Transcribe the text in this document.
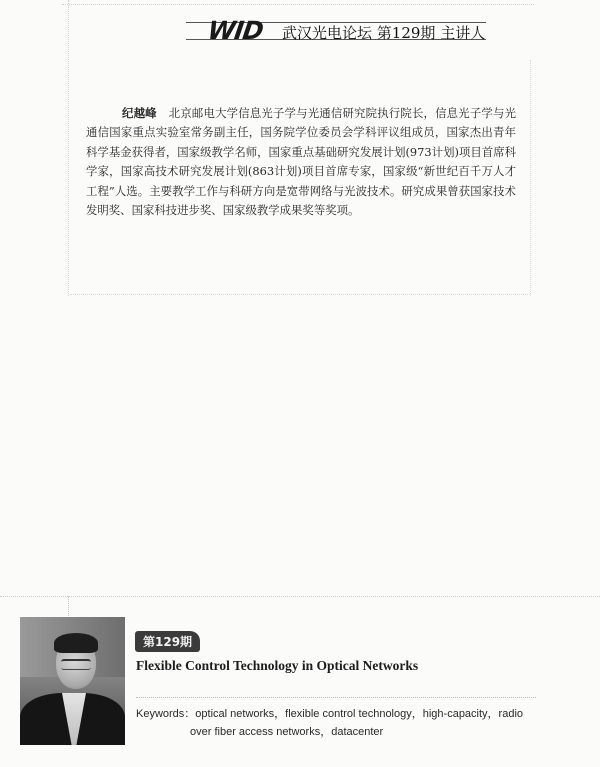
WID 武汉光电论坛 第129期 主讲人
纪越峰 北京邮电大学信息光子学与光通信研究院执行院长，信息光子学与光通信国家重点实验室常务副主任，国务院学位委员会学科评议组成员，国家杰出青年科学基金获得者，国家级教学名师，国家重点基础研究发展计划(973计划)项目首席科学家，国家高技术研究发展计划(863计划)项目首席专家，国家级“新世纪百千万人才工程”人选。主要教学工作与科研方向是宽带网络与光波技术。研究成果曾获国家技术发明奖、国家科技进步奖、国家级教学成果奖等奖项。
第129期
Flexible Control Technology in Optical Networks
Keywords：optical networks，flexible control technology，high-capacity，radio
over fiber access networks，datacenter
